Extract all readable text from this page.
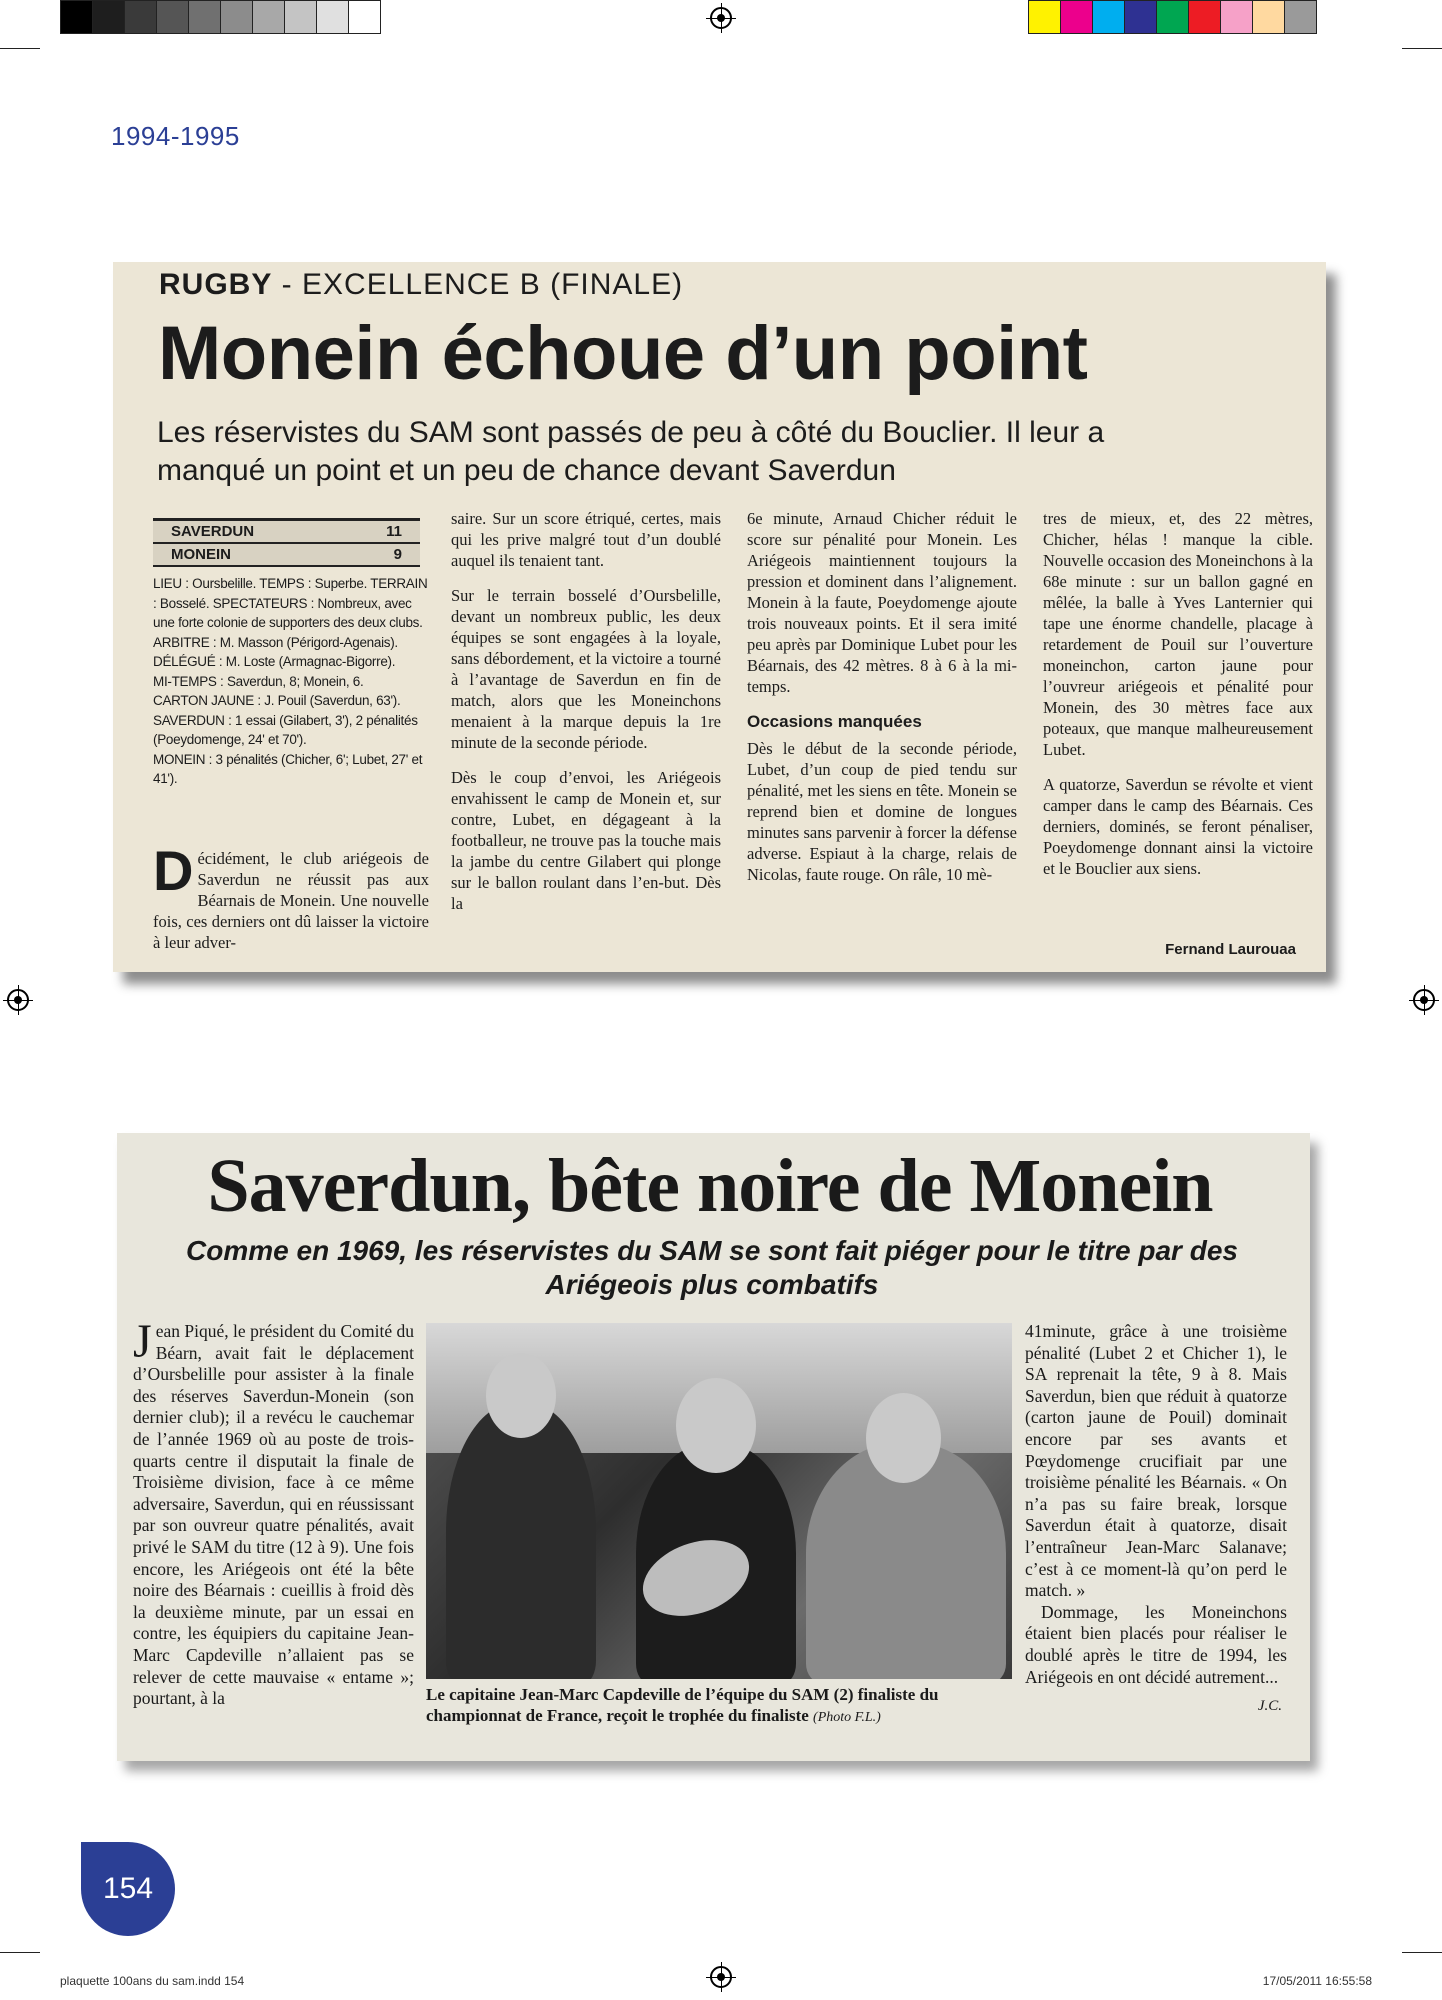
1994-1995
RUGBY - EXCELLENCE B (FINALE)
Monein échoue d’un point
Les réservistes du SAM sont passés de peu à côté du Bouclier. Il leur a manqué un point et un peu de chance devant Saverdun
SAVERDUN	11
MONEIN	9

LIEU : Oursbelille. TEMPS : Superbe. TERRAIN : Bosselé. SPECTATEURS : Nombreux, avec une forte colonie de supporters des deux clubs.

ARBITRE : M. Masson (Périgord-Agenais).

DÉLÉGUÉ : M. Loste (Armagnac-Bigorre).

MI-TEMPS : Saverdun, 8; Monein, 6.

CARTON JAUNE : J. Pouil (Saverdun, 63').

SAVERDUN : 1 essai (Gilabert, 3'), 2 pénalités (Poeydomenge, 24' et 70').

MONEIN : 3 pénalités (Chicher, 6'; Lubet, 27' et 41').

Décidément, le club ariégeois de Saverdun ne réussit pas aux Béarnais de Monein. Une nouvelle fois, ces derniers ont dû laisser la victoire à leur adver-

saire. Sur un score étriqué, certes, mais qui les prive malgré tout d’un doublé auquel ils tenaient tant.

Sur le terrain bosselé d’Oursbelille, devant un nombreux public, les deux équipes se sont engagées à la loyale, sans débordement, et la victoire a tourné à l’avantage de Saverdun en fin de match, alors que les Moneinchons menaient à la marque depuis la 1re minute de la seconde période.

Dès le coup d’envoi, les Ariégeois envahissent le camp de Monein et, sur contre, Lubet, en dégageant à la footballeur, ne trouve pas la touche mais la jambe du centre Gilabert qui plonge sur le ballon roulant dans l’en-but. Dès la

6e minute, Arnaud Chicher réduit le score sur pénalité pour Monein. Les Ariégeois maintiennent toujours la pression et dominent dans l’alignement. Monein à la faute, Poeydomenge ajoute trois nouveaux points. Et il sera imité peu après par Dominique Lubet pour les Béarnais, des 42 mètres. 8 à 6 à la mi-temps.

Occasions manquées

Dès le début de la seconde période, Lubet, d’un coup de pied tendu sur pénalité, met les siens en tête. Monein se reprend bien et domine de longues minutes sans parvenir à forcer la défense adverse. Espiaut à la charge, relais de Nicolas, faute rouge. On râle, 10 mè-

tres de mieux, et, des 22 mètres, Chicher, hélas ! manque la cible. Nouvelle occasion des Moneinchons à la 68e minute : sur un ballon gagné en mêlée, la balle à Yves Lanternier qui tape une énorme chandelle, placage à retardement de Pouil sur l’ouverture moneinchon, carton jaune pour l’ouvreur ariégeois et pénalité pour Monein, des 30 mètres face aux poteaux, que manque malheureusement Lubet.

A quatorze, Saverdun se révolte et vient camper dans le camp des Béarnais. Ces derniers, dominés, se feront pénaliser, Poeydomenge donnant ainsi la victoire et le Bouclier aux siens.

Fernand Laurouaa
Saverdun, bête noire de Monein
Comme en 1969, les réservistes du SAM se sont fait piéger pour le titre par des Ariégeois plus combatifs
Jean Piqué, le président du Comité du Béarn, avait fait le déplacement d’Oursbelille pour assister à la finale des réserves Saverdun-Monein (son dernier club); il a revécu le cauchemar de l’année 1969 où au poste de trois-quarts centre il disputait la finale de Troisième division, face à ce même adversaire, Saverdun, qui en réussissant par son ouvreur quatre pénalités, avait privé le SAM du titre (12 à 9). Une fois encore, les Ariégeois ont été la bête noire des Béarnais : cueillis à froid dès la deuxième minute, par un essai en contre, les équipiers du capitaine Jean-Marc Capdeville n’allaient pas se relever de cette mauvaise « entame »; pourtant, à la	Le capitaine Jean-Marc Capdeville de l’équipe du SAM (2) finaliste du championnat de France, reçoit le trophée du finaliste (Photo F.L.)

41minute, grâce à une troisième pénalité (Lubet 2 et Chicher 1), le SA reprenait la tête, 9 à 8. Mais Saverdun, bien que réduit à quatorze (carton jaune de Pouil) dominait encore par ses avants et Pœydomenge crucifiait par une troisième pénalité les Béarnais. « On n’a pas su faire break, lorsque Saverdun était à quatorze, disait l’entraîneur Jean-Marc Salanave; c’est à ce moment-là qu’on perd le match. »

Dommage, les Moneinchons étaient bien placés pour réaliser le doublé après le titre de 1994, les Ariégeois en ont décidé autrement...

J.C.
154
plaquette 100ans du sam.indd 154	17/05/2011 16:55:58
